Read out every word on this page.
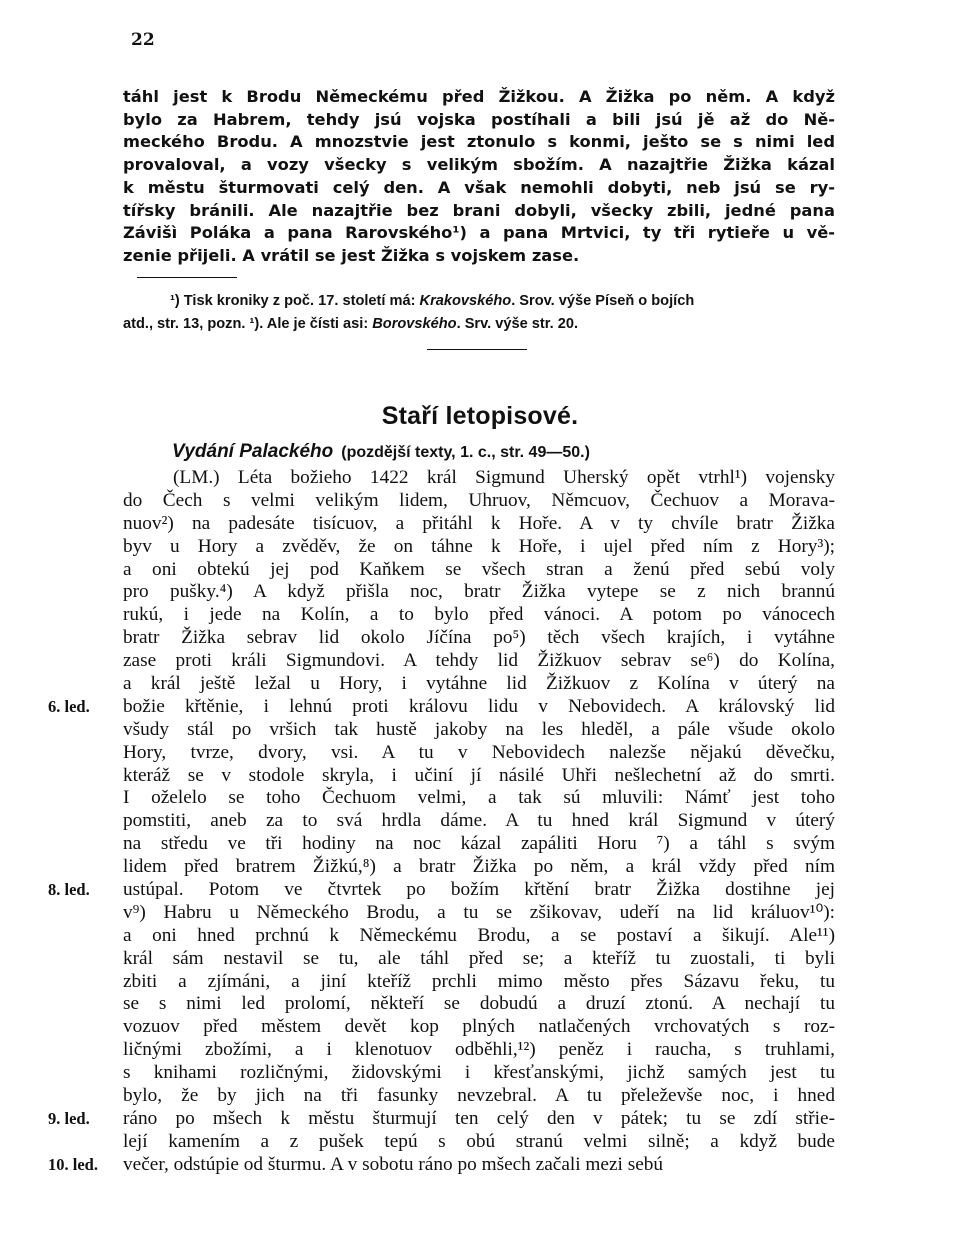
22
táhl jest k Brodu Německému před Žižkou. A Žižka po něm. A když
bylo za Habrem, tehdy jsú vojska postíhali a bili jsú jě až do Ně-
meckého Brodu. A mnozstvie jest ztonulo s konmi, ješto se s nimi led
provaloval, a vozy všecky s velikým sbožím. A nazajtřie Žižka kázal
k městu šturmovati celý den. A však nemohli dobyti, neb jsú se ry-
tířsky bránili. Ale nazajtřie bez brani dobyli, všecky zbili, jedné pana
Závišì Poláka a pana Rarovského¹) a pana Mrtvici, ty tři rytieře u vě-
zenie přijeli. A vrátil se jest Žižka s vojskem zase.
¹) Tisk kroniky z poč. 17. století má: Krakovského. Srov. výše Píseň o bojích
atd., str. 13, pozn. ¹). Ale je čísti asi: Borovského. Srv. výše str. 20.
Staří letopisové.
Vydání Palackého (pozdější texty, 1. c., str. 49—50.)
(LM.) Léta božieho 1422 král Sigmund Uherský opět vtrhl¹) vojensky
do Čech s velmi velikým lidem, Uhruov, Němcuov, Čechuov a Morava-
nuov²) na padesáte tisícuov, a přitáhl k Hoře. A v ty chvíle bratr Žižka
byv u Hory a zvěděv, že on táhne k Hoře, i ujel před ním z Hory³);
a oni obtekú jej pod Kaňkem se všech stran a ženú před sebú voly
pro pušky.⁴) A když přišla noc, bratr Žižka vytepe se z nich brannú
rukú, i jede na Kolín, a to bylo před vánoci. A potom po vánocech
bratr Žižka sebrav lid okolo Jíčína po⁵) těch všech krajích, i vytáhne
zase proti králi Sigmundovi. A tehdy lid Žižkuov sebrav se⁶) do Kolína,
a král ještě ležal u Hory, i vytáhne lid Žižkuov z Kolína v úterý na
božie křtěnie, i lehnú proti královu lidu v Nebovidech. A královský lid
všudy stál po vršich tak hustě jakoby na les hleděl, a pále všude okolo
Hory, tvrze, dvory, vsi. A tu v Nebovidech nalezše nějakú děvečku,
kteráž se v stodole skryla, i učiní jí násilé Uhři nešlechetní až do smrti.
I oželelo se toho Čechuom velmi, a tak sú mluvili: Námť jest toho
pomstiti, aneb za to svá hrdla dáme. A tu hned král Sigmund v úterý
na středu ve tři hodiny na noc kázal zapáliti Horu ⁷) a táhl s svým
lidem před bratrem Žižkú,⁸) a bratr Žižka po něm, a král vždy před ním
ustúpal. Potom ve čtvrtek po božím křtění bratr Žižka dostihne jej
v⁹) Habru u Německého Brodu, a tu se zšikovav, udeří na lid králuov¹⁰):
a oni hned prchnú k Německému Brodu, a se postaví a šikují. Ale¹¹)
král sám nestavil se tu, ale táhl před se; a kteříž tu zuostali, ti byli
zbiti a zjímáni, a jiní kteříž prchli mimo město přes Sázavu řeku, tu
se s nimi led prolomí, někteří se dobudú a druzí ztonú. A nechají tu
vozuov před městem devět kop plných natlačených vrchovatých s roz-
ličnými zbožími, a i klenotuov odběhli,¹²) peněz i raucha, s truhlami,
s knihami rozličnými, židovskými i křesťanskými, jichž samých jest tu
bylo, že by jich na tři fasunky nevzebral. A tu přeleževše noc, i hned
ráno po mšech k městu šturmují ten celý den v pátek; tu se zdí střie-
lejí kamením a z pušek tepú s obú stranú velmi silně; a když bude
večer, odstúpie od šturmu. A v sobotu ráno po mšech začali mezi sebú
6. led.
8. led.
9. led.
10. led.
